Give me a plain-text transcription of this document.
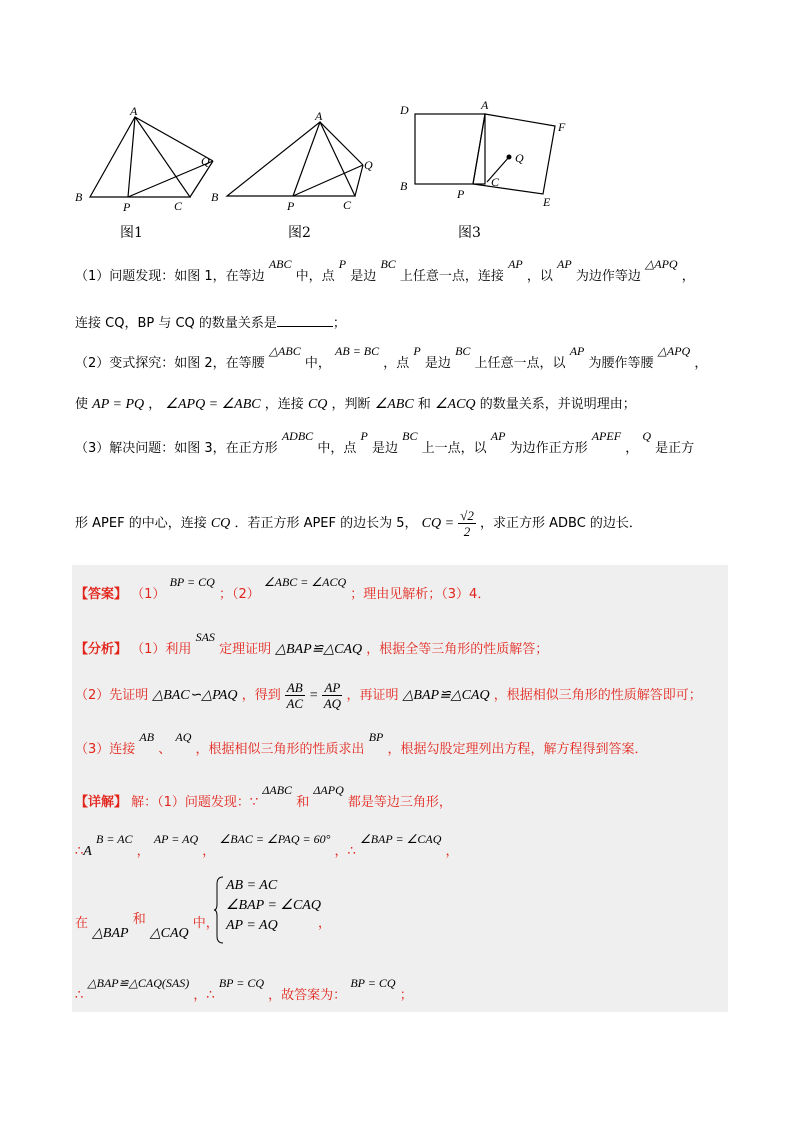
A
B
P	C
Q
图1
A
B
P	C
Q
图2
D	A
F
Q
B
P
C
E
图3
（1）问题发现：如图 1，在等边 ABC 中，点 P 是边 BC 上任意一点，连接 AP ，以 AP 为边作等边 △APQ ，
连接 CQ，BP 与 CQ 的数量关系是	；
（2）变式探究：如图 2，在等腰 △ABC 中， AB = BC ，点 P 是边 BC 上任意一点，以 AP 为腰作等腰 △APQ ，
使 AP = PQ ， ∠APQ = ∠ABC ，连接 CQ ，判断 ∠ABC 和 ∠ACQ 的数量关系，并说明理由；
（3）解决问题：如图 3，在正方形 ADBC 中，点 P 是边 BC 上一点，以 AP 为边作正方形 APEF ， Q 是正方
形 APEF 的中心，连接 CQ ．若正方形 APEF 的边长为 5， CQ = $\frac{√2}{2}$ ，求正方形 ADBC 的边长．
【答案】 （1） BP = CQ ；（2） ∠ABC = ∠ACQ ；理由见解析；（3）4．
【分析】 （1）利用 SAS 定理证明 △BAP≌△CAQ ，根据全等三角形的性质解答；
（2）先证明 △BAC∽△PAQ ，得到 $\frac{AB}{AC} = \frac{AP}{AQ}$ ，再证明 △BAP≌△CAQ ，根据相似三角形的性质解答即可；
（3）连接 AB 、 AQ ，根据相似三角形的性质求出 BP ，根据勾股定理列出方程，解方程得到答案．
【详解】 解：（1）问题发现：∵ ΔABC 和 ΔAPQ 都是等边三角形，
∴A B = AC ， AP = AQ ， ∠BAC = ∠PAQ = 60° ，∴ ∠BAP = ∠CAQ ，
在 △BAP 和 △CAQ 中，
AB = AC
∠BAP = ∠CAQ
AP = AQ	，
∴ △BAP≌△CAQ(SAS) ，∴ BP = CQ ，故答案为： BP = CQ ；
